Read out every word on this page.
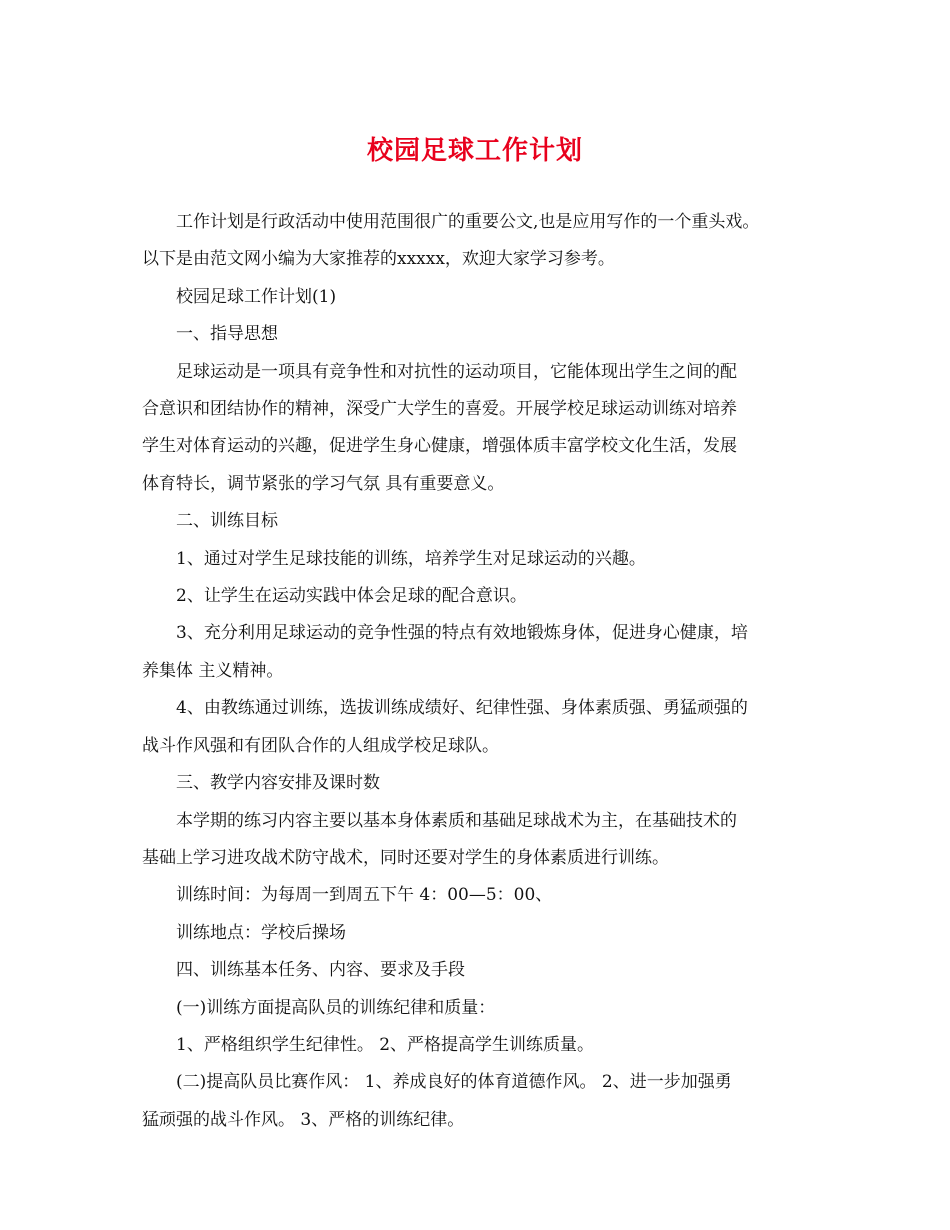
校园足球工作计划

工作计划是行政活动中使用范围很广的重要公文,也是应用写作的一个重头戏。

以下是由范文网小编为大家推荐的xxxxx，欢迎大家学习参考。

校园足球工作计划(1)

一、指导思想

足球运动是一项具有竞争性和对抗性的运动项目，它能体现出学生之间的配

合意识和团结协作的精神，深受广大学生的喜爱。开展学校足球运动训练对培养

学生对体育运动的兴趣，促进学生身心健康，增强体质丰富学校文化生活，发展

体育特长，调节紧张的学习气氛 具有重要意义。

二、训练目标

1、通过对学生足球技能的训练，培养学生对足球运动的兴趣。

2、让学生在运动实践中体会足球的配合意识。

3、充分利用足球运动的竞争性强的特点有效地锻炼身体，促进身心健康，培

养集体 主义精神。

4、由教练通过训练，选拔训练成绩好、纪律性强、身体素质强、勇猛顽强的

战斗作风强和有团队合作的人组成学校足球队。

三、教学内容安排及课时数

本学期的练习内容主要以基本身体素质和基础足球战术为主，在基础技术的

基础上学习进攻战术防守战术，同时还要对学生的身体素质进行训练。

训练时间：为每周一到周五下午 4：00—5：00、

训练地点：学校后操场

四、训练基本任务、内容、要求及手段

(一)训练方面提高队员的训练纪律和质量：

1、严格组织学生纪律性。 2、严格提高学生训练质量。

(二)提高队员比赛作风： 1、养成良好的体育道德作风。 2、进一步加强勇

猛顽强的战斗作风。 3、严格的训练纪律。
